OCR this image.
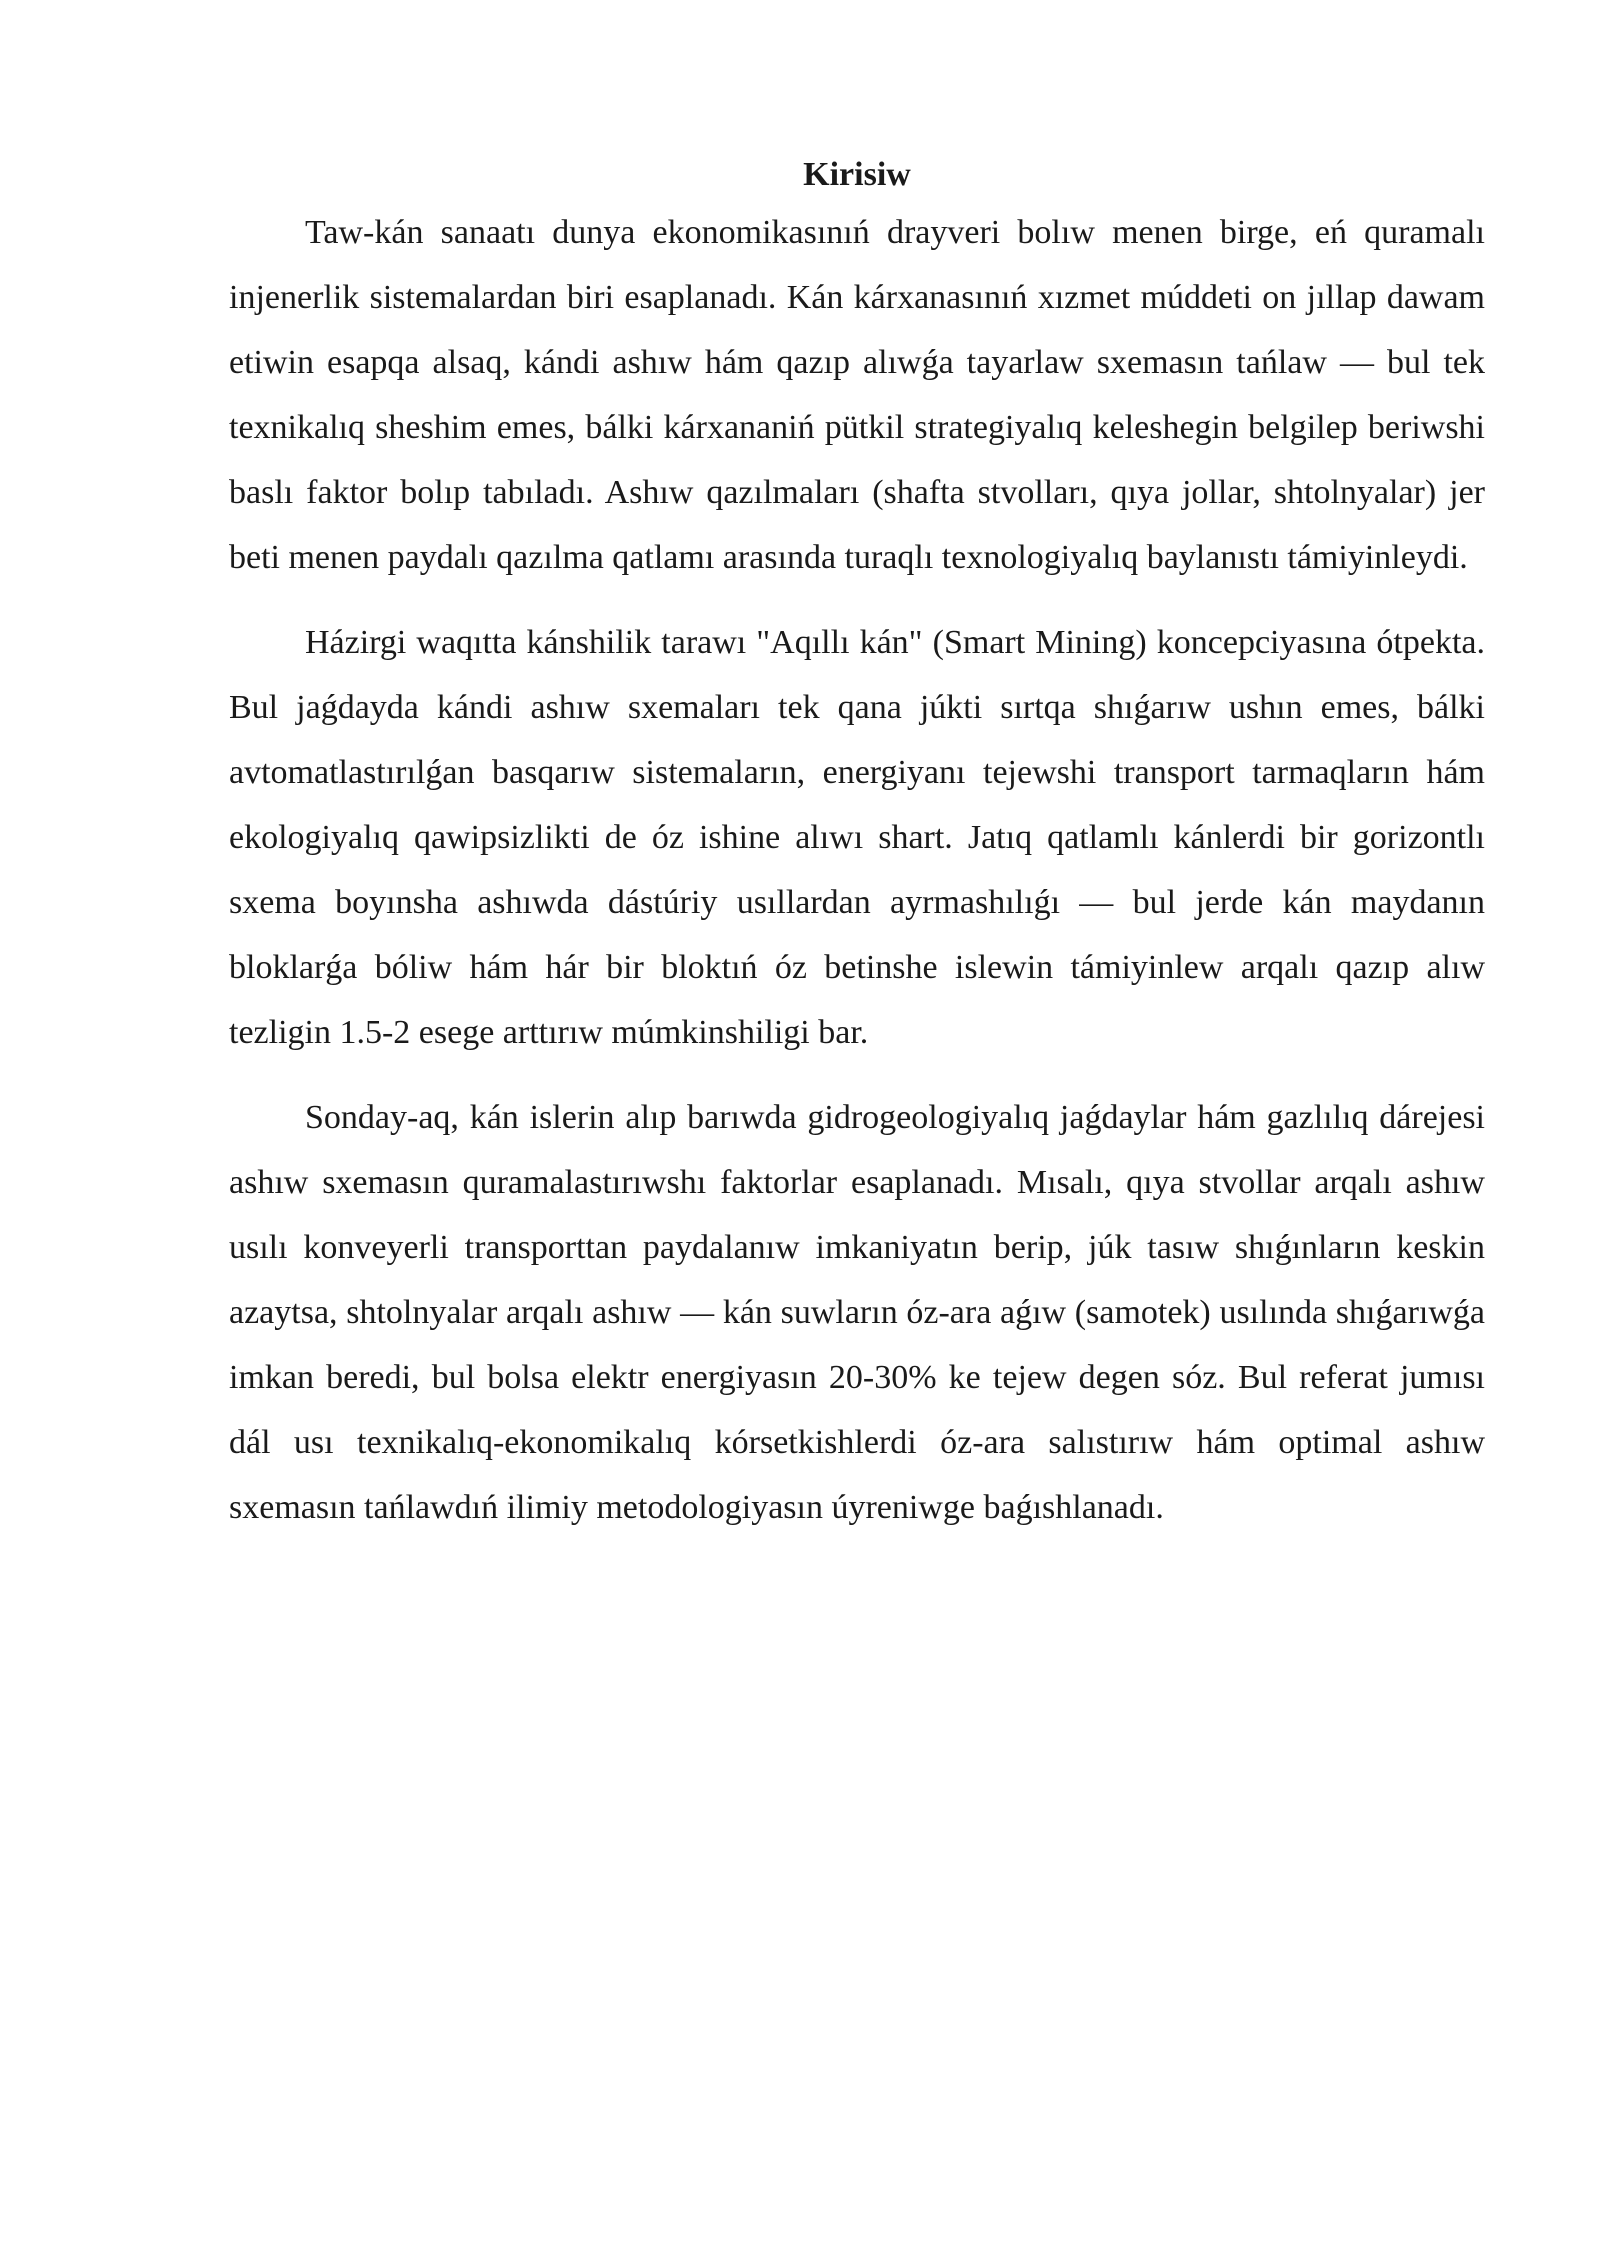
Kirisiw

Taw-kán sanaatı dunya ekonomikasınıń drayveri bolıw menen birge, eń quramalı injenerlik sistemalardan biri esaplanadı. Kán kárxanasınıń xızmet múddeti on jıllap dawam etiwin esapqa alsaq, kándi ashıw hám qazıp alıwǵa tayarlaw sxemasın tańlaw — bul tek texnikalıq sheshim emes, bálki kárxananiń pütkil strategiyalıq keleshegin belgilep beriwshi baslı faktor bolıp tabıladı. Ashıw qazılmaları (shafta stvolları, qıya jollar, shtolnyalar) jer beti menen paydalı qazılma qatlamı arasında turaqlı texnologiyalıq baylanıstı támiyinleydi.

Házirgi waqıtta kánshilik tarawı "Aqıllı kán" (Smart Mining) koncepciyasına ótpekta. Bul jaǵdayda kándi ashıw sxemaları tek qana júkti sırtqa shıǵarıw ushın emes, bálki avtomatlastırılǵan basqarıw sistemaların, energiyanı tejewshi transport tarmaqların hám ekologiyalıq qawipsizlikti de óz ishine alıwı shart. Jatıq qatlamlı kánlerdi bir gorizontlı sxema boyınsha ashıwda dástúriy usıllardan ayrmashılıǵı — bul jerde kán maydanın bloklarǵa bóliw hám hár bir bloktıń óz betinshe islewin támiyinlew arqalı qazıp alıw tezligin 1.5-2 esege arttırıw múmkinshiligi bar.

Sonday-aq, kán islerin alıp barıwda gidrogeologiyalıq jaǵdaylar hám gazlılıq dárejesi ashıw sxemasın quramalastırıwshı faktorlar esaplanadı. Mısalı, qıya stvollar arqalı ashıw usılı konveyerli transporttan paydalanıw imkaniyatın berip, júk tasıw shıǵınların keskin azaytsa, shtolnyalar arqalı ashıw — kán suwların óz-ara aǵıw (samotek) usılında shıǵarıwǵa imkan beredi, bul bolsa elektr energiyasın 20-30% ke tejew degen sóz. Bul referat jumısı dál usı texnikalıq-ekonomikalıq kórsetkishlerdi óz-ara salıstırıw hám optimal ashıw sxemasın tańlawdıń ilimiy metodologiyasın úyreniwge baǵıshlanadı.
